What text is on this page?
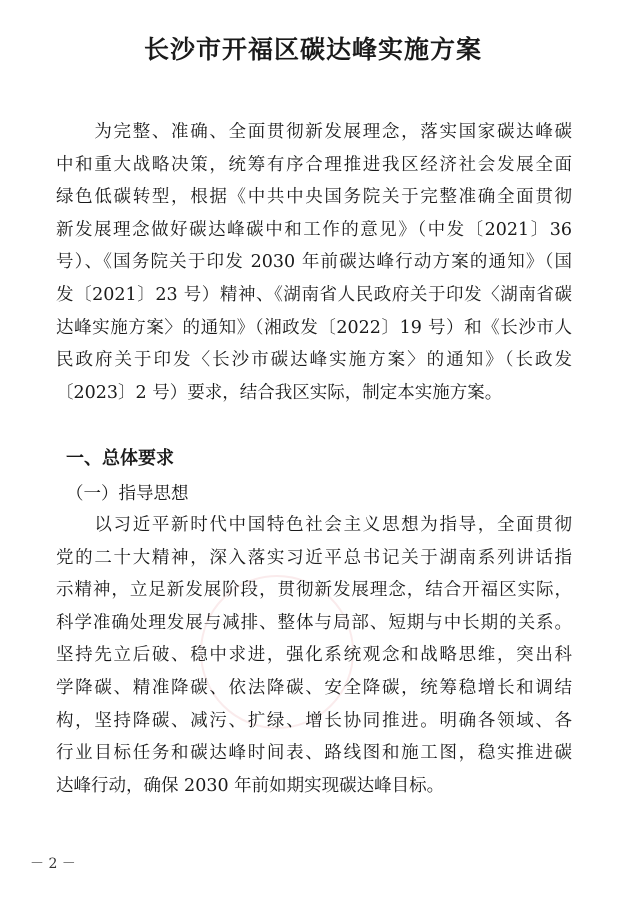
长沙市开福区碳达峰实施方案

　　为完整、准确、全面贯彻新发展理念，落实国家碳达峰碳

中和重大战略决策，统筹有序合理推进我区经济社会发展全面

绿色低碳转型，根据《中共中央国务院关于完整准确全面贯彻

新发展理念做好碳达峰碳中和工作的意见》（中发〔2021〕36

号）、《国务院关于印发 2030 年前碳达峰行动方案的通知》（国

发〔2021〕23 号）精神、《湖南省人民政府关于印发〈湖南省碳

达峰实施方案〉的通知》（湘政发〔2022〕19 号）和《长沙市人

民政府关于印发〈长沙市碳达峰实施方案〉的通知》（长政发

〔2023〕2 号）要求，结合我区实际，制定本实施方案。

一、总体要求
（一）指导思想

　　以习近平新时代中国特色社会主义思想为指导，全面贯彻

党的二十大精神，深入落实习近平总书记关于湖南系列讲话指

示精神，立足新发展阶段，贯彻新发展理念，结合开福区实际，

科学准确处理发展与减排、整体与局部、短期与中长期的关系。

坚持先立后破、稳中求进，强化系统观念和战略思维，突出科

学降碳、精准降碳、依法降碳、安全降碳，统筹稳增长和调结

构，坚持降碳、减污、扩绿、增长协同推进。明确各领域、各

行业目标任务和碳达峰时间表、路线图和施工图，稳实推进碳

达峰行动，确保 2030 年前如期实现碳达峰目标。

－ 2 －
